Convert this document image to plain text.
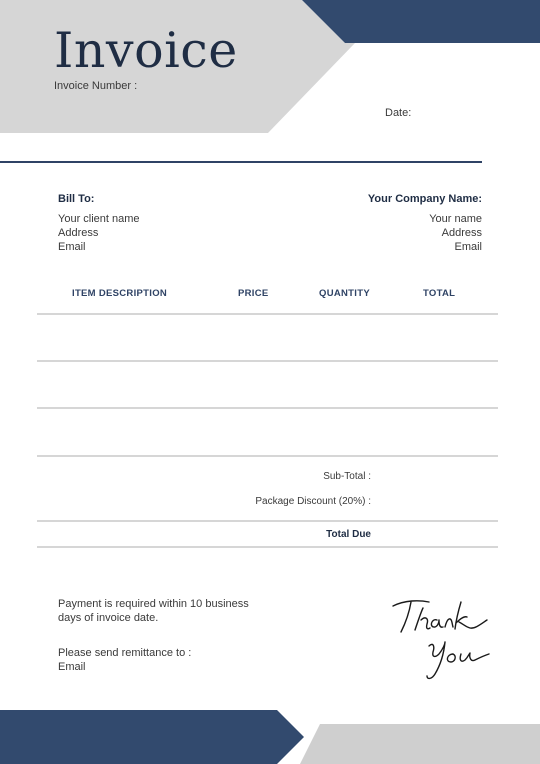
Invoice
Invoice Number :
Date:
Bill To:
Your client name
Address
Email
Your Company Name:
Your name
Address
Email
ITEM DESCRIPTION	PRICE	QUANTITY	TOTAL
Sub-Total :
Package Discount (20%) :
Total Due
Payment is required within 10 business
days of invoice date.
Please send remittance to :
Email
Thank You
